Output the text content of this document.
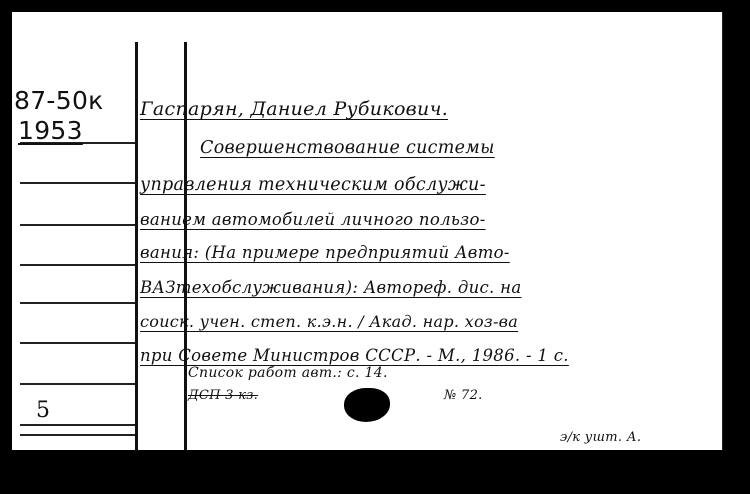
87-50к
1953
Гаспарян, Даниел Рубикович.
Совершенствование системы
управления техническим обслужи-
ванием автомобилей личного пользо-
вания: (На примере предприятий Авто-
ВАЗтехобслуживания): Автореф. дис. на
соиск. учен. степ. к.э.н. / Акад. нар. хоз-ва
при Совете Министров СССР. - М., 1986. - 1 с.
Список работ авт.: с. 14.
ДСП 3 кз.	№ 72.
5
э/к ушт. А.
